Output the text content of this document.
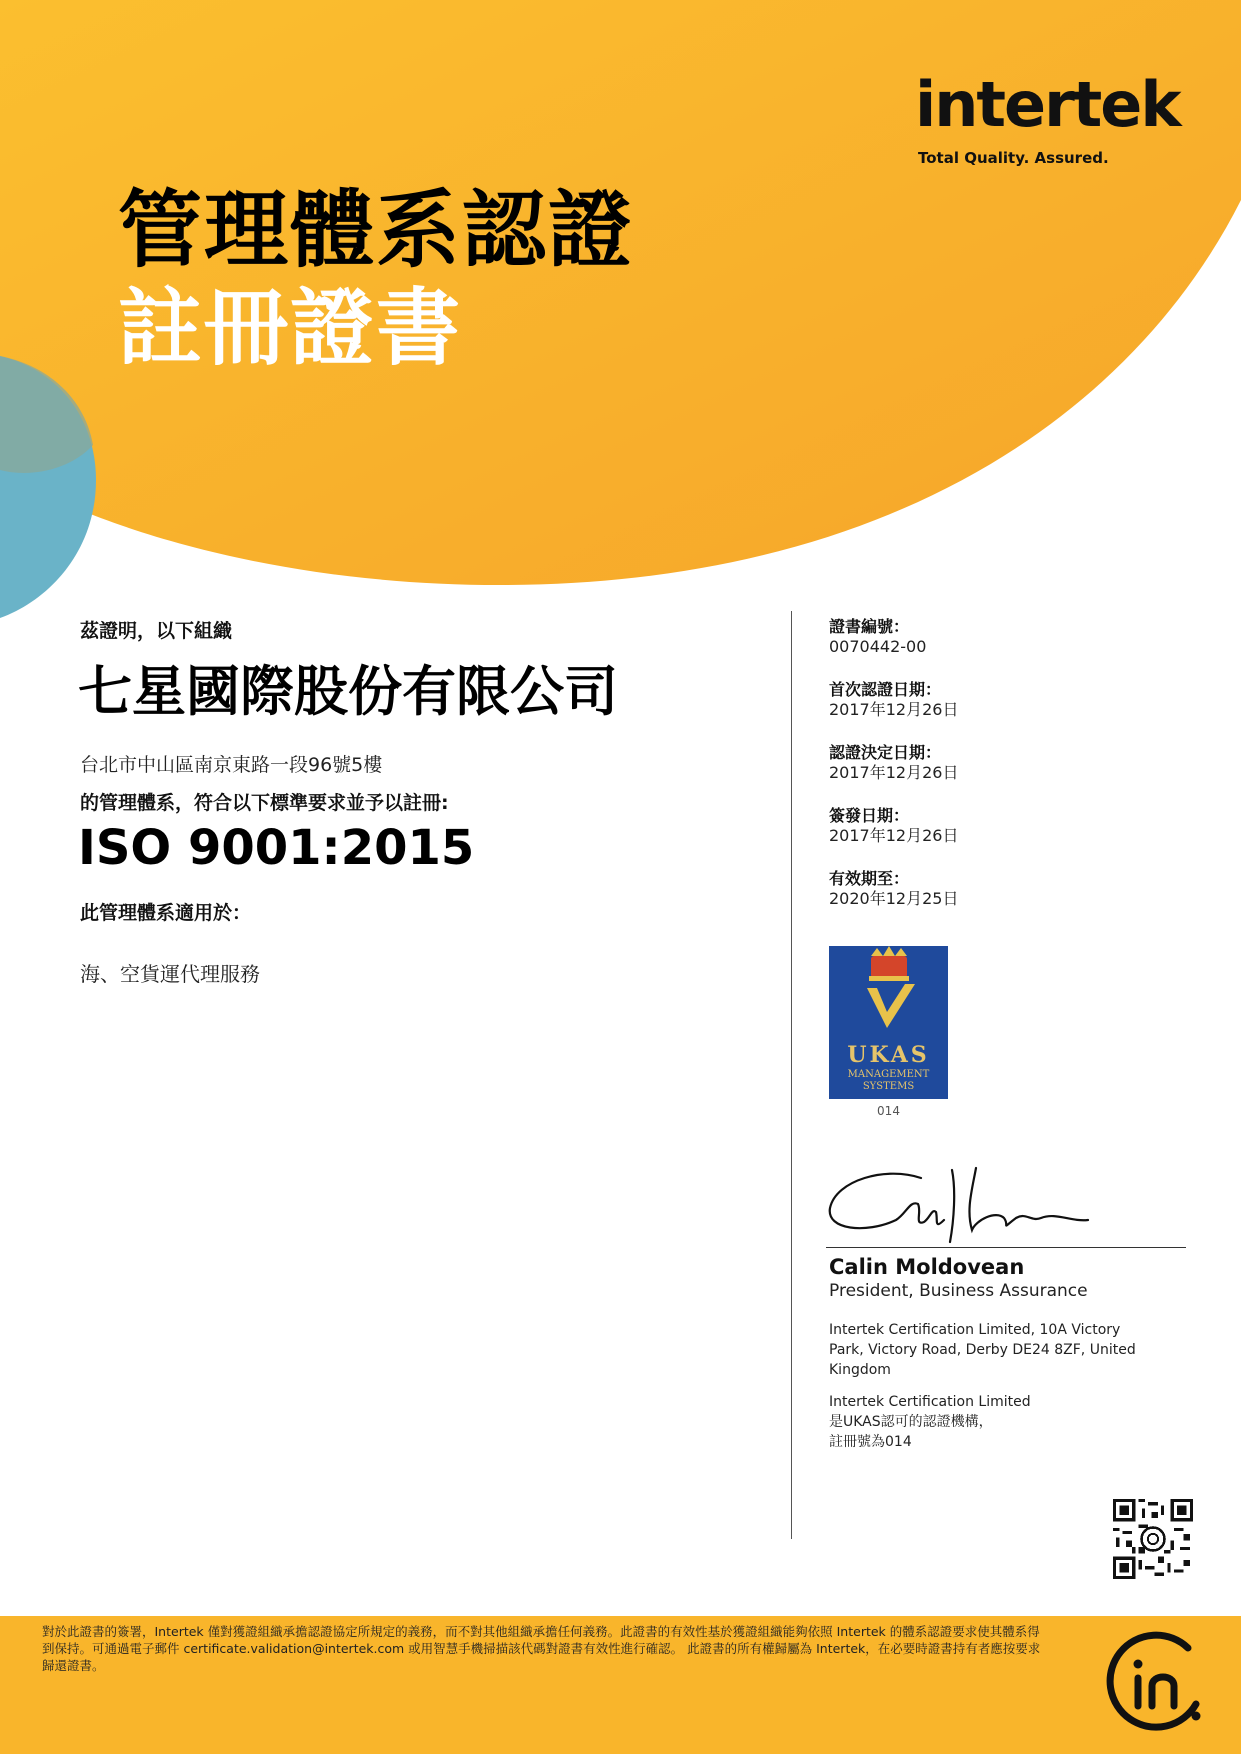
intertek
Total Quality. Assured.
管理體系認證
註冊證書
茲證明，以下組織
七星國際股份有限公司
台北市中山區南京東路一段96號5樓
的管理體系，符合以下標準要求並予以註冊:
ISO 9001:2015
此管理體系適用於：
海、空貨運代理服務
證書編號：
0070442-00
首次認證日期：
2017年12月26日
認證決定日期：
2017年12月26日
簽發日期：
2017年12月26日
有效期至：
2020年12月25日
UKAS
MANAGEMENT
SYSTEMS
014
Calin Moldovean
President, Business Assurance
Intertek Certification Limited, 10A Victory Park, Victory Road, Derby DE24 8ZF, United Kingdom
Intertek Certification Limited
是UKAS認可的認證機構，
註冊號為014
對於此證書的簽署，Intertek 僅對獲證組織承擔認證協定所規定的義務，而不對其他組織承擔任何義務。此證書的有效性基於獲證組織能夠依照 Intertek 的體系認證要求使其體系得到保持。可通過電子郵件 certificate.validation@intertek.com 或用智慧手機掃描該代碼對證書有效性進行確認。 此證書的所有權歸屬為 Intertek，在必要時證書持有者應按要求歸還證書。
